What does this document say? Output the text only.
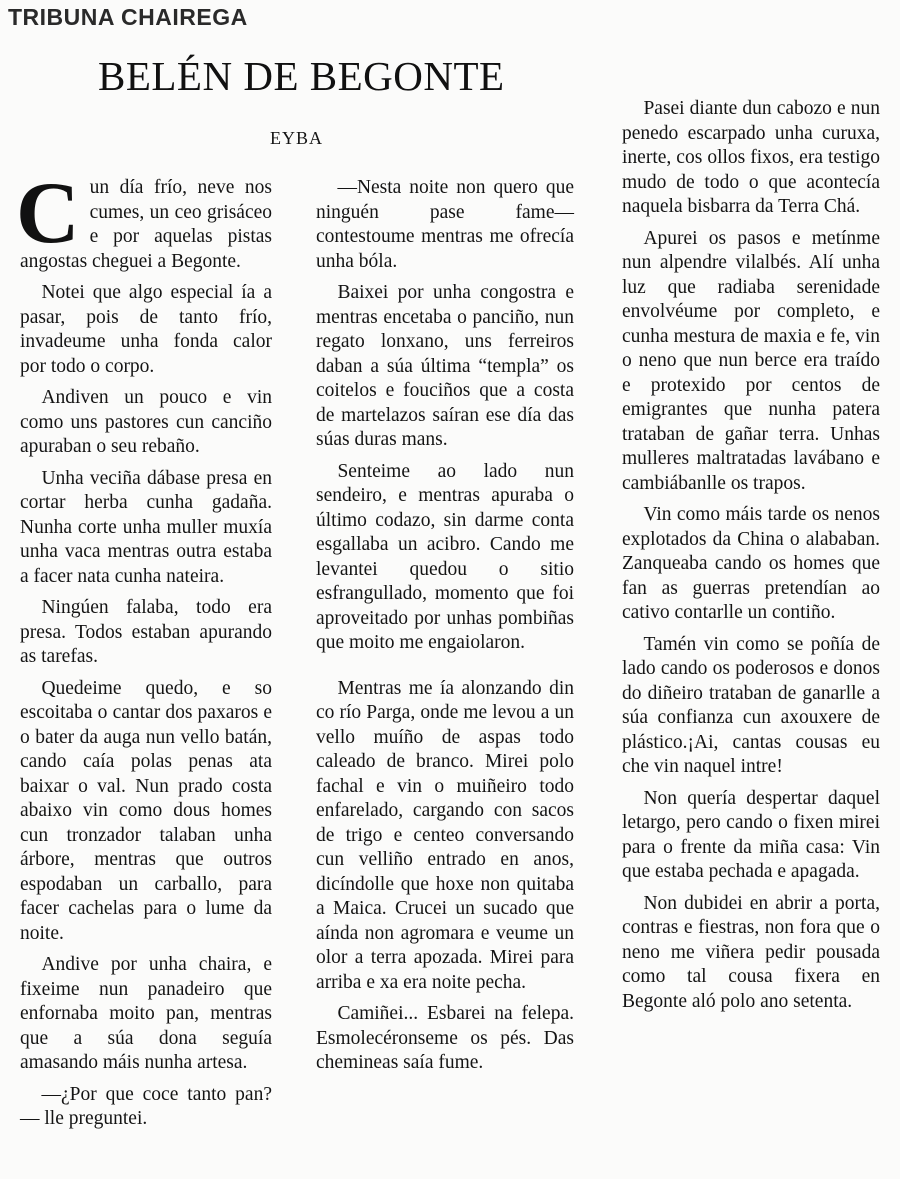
TRIBUNA CHAIREGA
BELÉN DE BEGONTE
EYBA

Cun día frío, neve nos cumes, un ceo grisáceo e por aquelas pistas angostas cheguei a Begonte.

Notei que algo especial ía a pasar, pois de tanto frío, invadeume unha fonda calor por todo o corpo.

Andiven un pouco e vin como uns pastores cun canciño apuraban o seu rebaño.

Unha veciña dábase presa en cortar herba cunha gadaña. Nunha corte unha muller muxía unha vaca mentras outra estaba a facer nata cunha nateira.

Ningúen falaba, todo era presa. Todos estaban apurando as tarefas.

Quedeime quedo, e so escoitaba o cantar dos paxaros e o bater da auga nun vello batán, cando caía polas penas ata baixar o val. Nun prado costa abaixo vin como dous homes cun tronzador talaban unha árbore, mentras que outros espodaban un carballo, para facer cachelas para o lume da noite.

Andive por unha chaira, e fixeime nun panadeiro que enfornaba moito pan, mentras que a súa dona seguía amasando máis nunha artesa.

—¿Por que coce tanto pan?— lle preguntei.

—Nesta noite non quero que ninguén pase fame— contestoume mentras me ofrecía unha bóla.

Baixei por unha congostra e mentras encetaba o panciño, nun regato lonxano, uns ferreiros daban a súa última “templa” os coitelos e fouciños que a costa de martelazos saíran ese día das súas duras mans.

Senteime ao lado nun sendeiro, e mentras apuraba o último codazo, sin darme conta esgallaba un acibro. Cando me levantei quedou o sitio esfrangullado, momento que foi aproveitado por unhas pombiñas que moito me engaiolaron.

Mentras me ía alonzando din co río Parga, onde me levou a un vello muíño de aspas todo caleado de branco. Mirei polo fachal e vin o muiñeiro todo enfarelado, cargando con sacos de trigo e centeo conversando cun velliño entrado en anos, dicíndolle que hoxe non quitaba a Maica. Crucei un sucado que aínda non agromara e veume un olor a terra apozada. Mirei para arriba e xa era noite pecha.

Camiñei... Esbarei na felepa. Esmolecéronseme os pés. Das chemineas saía fume.

Pasei diante dun cabozo e nun penedo escarpado unha curuxa, inerte, cos ollos fixos, era testigo mudo de todo o que acontecía naquela bisbarra da Terra Chá.

Apurei os pasos e metínme nun alpendre vilalbés. Alí unha luz que radiaba serenidade envolvéume por completo, e cunha mestura de maxia e fe, vin o neno que nun berce era traído e protexido por centos de emigrantes que nunha patera trataban de gañar terra. Unhas mulleres maltratadas lavábano e cambiábanlle os trapos.

Vin como máis tarde os nenos explotados da China o alababan. Zanqueaba cando os homes que fan as guerras pretendían ao cativo contarlle un contiño.

Tamén vin como se poñía de lado cando os poderosos e donos do diñeiro trataban de ganarlle a súa confianza cun axouxere de plástico.¡Ai, cantas cousas eu che vin naquel intre!

Non quería despertar daquel letargo, pero cando o fixen mirei para o frente da miña casa: Vin que estaba pechada e apagada.

Non dubidei en abrir a porta, contras e fiestras, non fora que o neno me viñera pedir pousada como tal cousa fixera en Begonte aló polo ano setenta.
